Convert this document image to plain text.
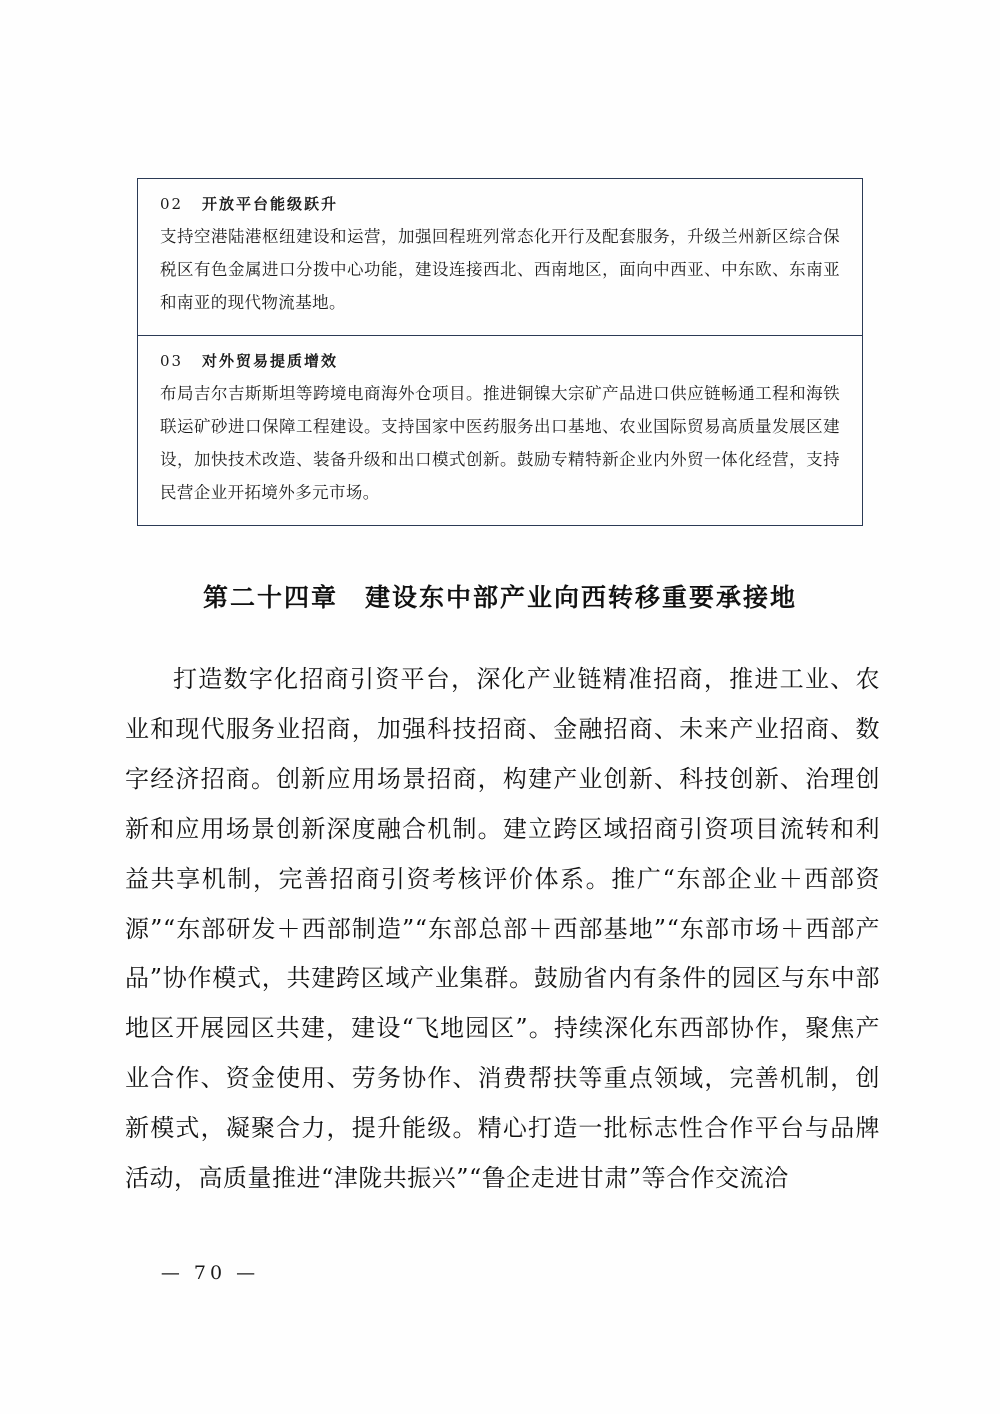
02 开放平台能级跃升
支持空港陆港枢纽建设和运营，加强回程班列常态化开行及配套服务，升级兰州新区综合保税区有色金属进口分拨中心功能，建设连接西北、西南地区，面向中西亚、中东欧、东南亚和南亚的现代物流基地。
03 对外贸易提质增效
布局吉尔吉斯斯坦等跨境电商海外仓项目。推进铜镍大宗矿产品进口供应链畅通工程和海铁联运矿砂进口保障工程建设。支持国家中医药服务出口基地、农业国际贸易高质量发展区建设，加快技术改造、装备升级和出口模式创新。鼓励专精特新企业内外贸一体化经营，支持民营企业开拓境外多元市场。
第二十四章　建设东中部产业向西转移重要承接地
打造数字化招商引资平台，深化产业链精准招商，推进工业、农业和现代服务业招商，加强科技招商、金融招商、未来产业招商、数字经济招商。创新应用场景招商，构建产业创新、科技创新、治理创新和应用场景创新深度融合机制。建立跨区域招商引资项目流转和利益共享机制，完善招商引资考核评价体系。推广“东部企业＋西部资源”“东部研发＋西部制造”“东部总部＋西部基地”“东部市场＋西部产品”协作模式，共建跨区域产业集群。鼓励省内有条件的园区与东中部地区开展园区共建，建设“飞地园区”。持续深化东西部协作，聚焦产业合作、资金使用、劳务协作、消费帮扶等重点领域，完善机制，创新模式，凝聚合力，提升能级。精心打造一批标志性合作平台与品牌活动，高质量推进“津陇共振兴”“鲁企走进甘肃”等合作交流洽
— 70 —
